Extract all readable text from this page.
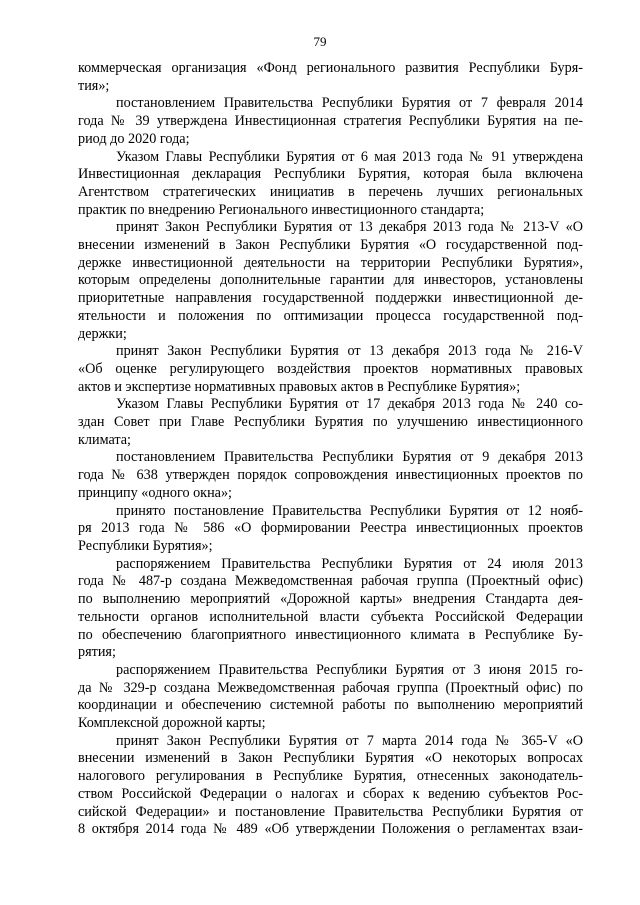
79
коммерческая организация «Фонд регионального развития Республики Буря-
тия»;
постановлением Правительства Республики Бурятия от 7 февраля 2014
года № 39 утверждена Инвестиционная стратегия Республики Бурятия на пе-
риод до 2020 года;
Указом Главы Республики Бурятия от 6 мая 2013 года № 91 утверждена
Инвестиционная декларация Республики Бурятия, которая была включена
Агентством стратегических инициатив в перечень лучших региональных
практик по внедрению Регионального инвестиционного стандарта;
принят Закон Республики Бурятия от 13 декабря 2013 года № 213-V «О
внесении изменений в Закон Республики Бурятия «О государственной под-
держке инвестиционной деятельности на территории Республики Бурятия»,
которым определены дополнительные гарантии для инвесторов, установлены
приоритетные направления государственной поддержки инвестиционной де-
ятельности и положения по оптимизации процесса государственной под-
держки;
принят Закон Республики Бурятия от 13 декабря 2013 года № 216-V
«Об оценке регулирующего воздействия проектов нормативных правовых
актов и экспертизе нормативных правовых актов в Республике Бурятия»;
Указом Главы Республики Бурятия от 17 декабря 2013 года № 240 со-
здан Совет при Главе Республики Бурятия по улучшению инвестиционного
климата;
постановлением Правительства Республики Бурятия от 9 декабря 2013
года № 638 утвержден порядок сопровождения инвестиционных проектов по
принципу «одного окна»;
принято постановление Правительства Республики Бурятия от 12 нояб-
ря 2013 года № 586 «О формировании Реестра инвестиционных проектов
Республики Бурятия»;
распоряжением Правительства Республики Бурятия от 24 июля 2013
года № 487-р создана Межведомственная рабочая группа (Проектный офис)
по выполнению мероприятий «Дорожной карты» внедрения Стандарта дея-
тельности органов исполнительной власти субъекта Российской Федерации
по обеспечению благоприятного инвестиционного климата в Республике Бу-
рятия;
распоряжением Правительства Республики Бурятия от 3 июня 2015 го-
да № 329-р создана Межведомственная рабочая группа (Проектный офис) по
координации и обеспечению системной работы по выполнению мероприятий
Комплексной дорожной карты;
принят Закон Республики Бурятия от 7 марта 2014 года № 365-V «О
внесении изменений в Закон Республики Бурятия «О некоторых вопросах
налогового регулирования в Республике Бурятия, отнесенных законодатель-
ством Российской Федерации о налогах и сборах к ведению субъектов Рос-
сийской Федерации» и постановление Правительства Республики Бурятия от
8 октября 2014 года № 489 «Об утверждении Положения о регламентах взаи-
